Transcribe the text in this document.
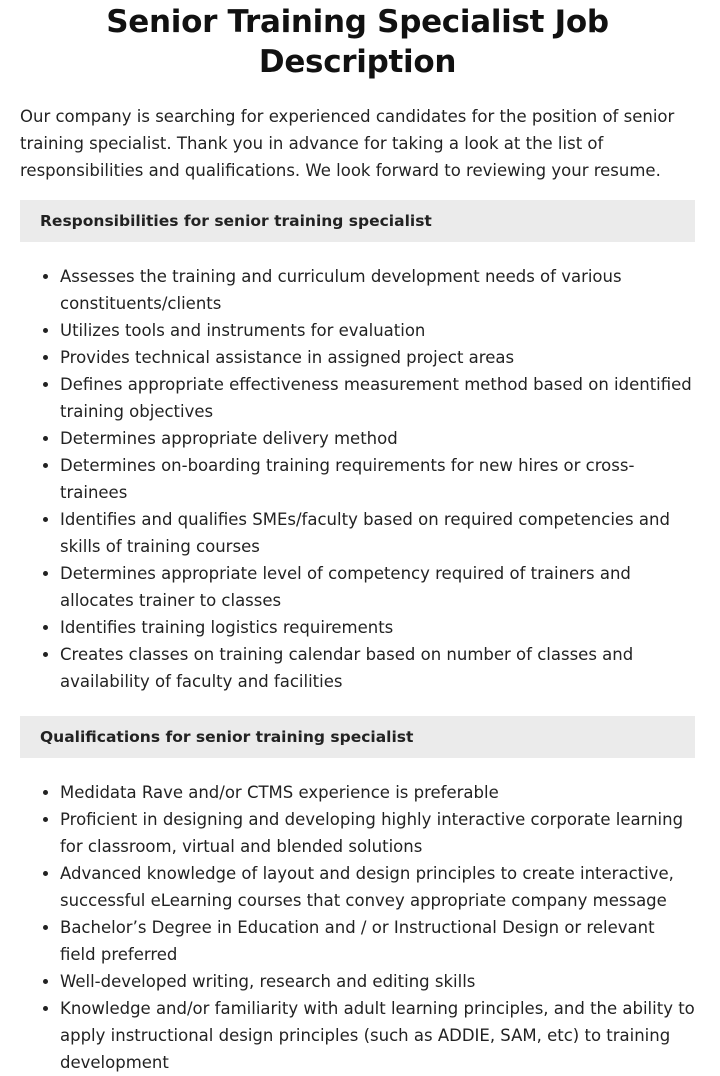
Senior Training Specialist Job Description

Our company is searching for experienced candidates for the position of senior training specialist. Thank you in advance for taking a look at the list of responsibilities and qualifications. We look forward to reviewing your resume.

Responsibilities for senior training specialist
Assesses the training and curriculum development needs of various constituents/clients
Utilizes tools and instruments for evaluation
Provides technical assistance in assigned project areas
Defines appropriate effectiveness measurement method based on identified training objectives
Determines appropriate delivery method
Determines on-boarding training requirements for new hires or cross-trainees
Identifies and qualifies SMEs/faculty based on required competencies and skills of training courses
Determines appropriate level of competency required of trainers and allocates trainer to classes
Identifies training logistics requirements
Creates classes on training calendar based on number of classes and availability of faculty and facilities
Qualifications for senior training specialist
Medidata Rave and/or CTMS experience is preferable
Proficient in designing and developing highly interactive corporate learning for classroom, virtual and blended solutions
Advanced knowledge of layout and design principles to create interactive, successful eLearning courses that convey appropriate company message
Bachelor’s Degree in Education and / or Instructional Design or relevant field preferred
Well-developed writing, research and editing skills
Knowledge and/or familiarity with adult learning principles, and the ability to apply instructional design principles (such as ADDIE, SAM, etc) to training development
